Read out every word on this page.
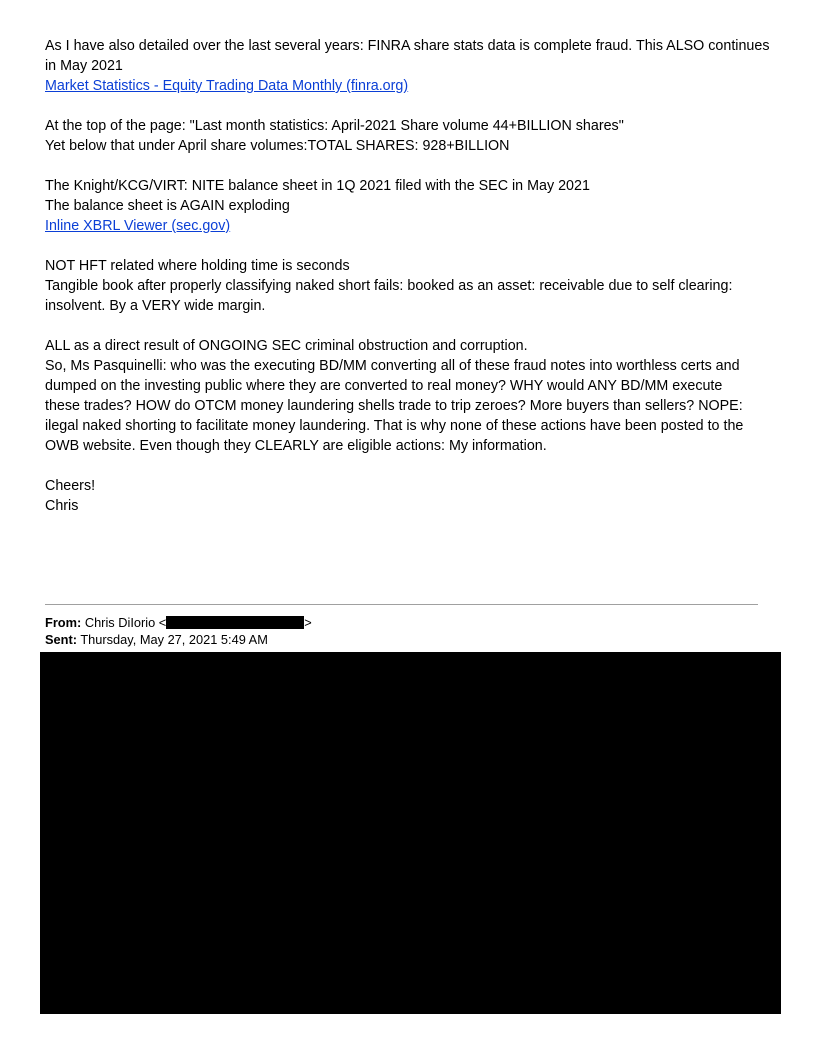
As I have also detailed over the last several years: FINRA share stats data is complete fraud. This ALSO continues
in May 2021
Market Statistics - Equity Trading Data Monthly (finra.org)
At the top of the page: "Last month statistics: April-2021 Share volume 44+BILLION shares"
Yet below that under April share volumes:TOTAL SHARES: 928+BILLION
The Knight/KCG/VIRT: NITE balance sheet in 1Q 2021 filed with the SEC in May 2021
The balance sheet is AGAIN exploding
Inline XBRL Viewer (sec.gov)
NOT HFT related where holding time is seconds
Tangible book after properly classifying naked short fails: booked as an asset: receivable due to self clearing:
insolvent. By a VERY wide margin.
ALL as a direct result of ONGOING SEC criminal obstruction and corruption.
So, Ms Pasquinelli: who was the executing BD/MM converting all of these fraud notes into worthless certs and
dumped on the investing public where they are converted to real money? WHY would ANY BD/MM execute
these trades? HOW do OTCM money laundering shells trade to trip zeroes? More buyers than sellers? NOPE:
ilegal naked shorting to facilitate money laundering. That is why none of these actions have been posted to the
OWB website. Even though they CLEARLY are eligible actions: My information.
Cheers!
Chris
From: Chris DiIorio <	>
Sent: Thursday, May 27, 2021 5:49 AM
